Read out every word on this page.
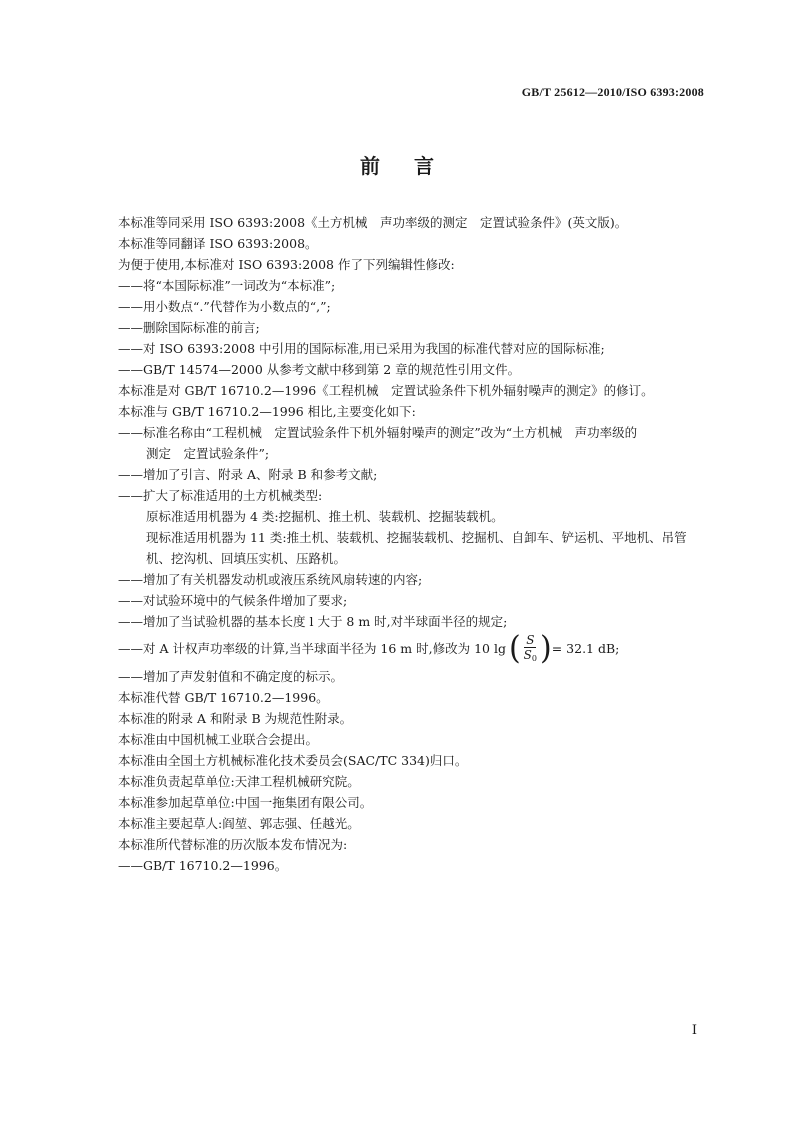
GB/T 25612—2010/ISO 6393:2008
前言
本标准等同采用 ISO 6393:2008《土方机械　声功率级的测定　定置试验条件》(英文版)。
本标准等同翻译 ISO 6393:2008。
为便于使用,本标准对 ISO 6393:2008 作了下列编辑性修改:
——将“本国际标准”一词改为“本标准”;
——用小数点“.”代替作为小数点的“,”;
——删除国际标准的前言;
——对 ISO 6393:2008 中引用的国际标准,用已采用为我国的标准代替对应的国际标准;
——GB/T 14574—2000 从参考文献中移到第 2 章的规范性引用文件。
本标准是对 GB/T 16710.2—1996《工程机械　定置试验条件下机外辐射噪声的测定》的修订。
本标准与 GB/T 16710.2—1996 相比,主要变化如下:
——标准名称由“工程机械　定置试验条件下机外辐射噪声的测定”改为“土方机械　声功率级的
测定　定置试验条件”;
——增加了引言、附录 A、附录 B 和参考文献;
——扩大了标准适用的土方机械类型:
原标准适用机器为 4 类:挖掘机、推土机、装载机、挖掘装载机。
现标准适用机器为 11 类:推土机、装载机、挖掘装载机、挖掘机、自卸车、铲运机、平地机、吊管
机、挖沟机、回填压实机、压路机。
——增加了有关机器发动机或液压系统风扇转速的内容;
——对试验环境中的气候条件增加了要求;
——增加了当试验机器的基本长度 l 大于 8 m 时,对半球面半径的规定;
——对 A 计权声功率级的计算,当半球面半径为 16 m 时,修改为 10 lg ( $\frac{S}{S_0}$ ) = 32.1 dB;
——增加了声发射值和不确定度的标示。
本标准代替 GB/T 16710.2—1996。
本标准的附录 A 和附录 B 为规范性附录。
本标准由中国机械工业联合会提出。
本标准由全国土方机械标准化技术委员会(SAC/TC 334)归口。
本标准负责起草单位:天津工程机械研究院。
本标准参加起草单位:中国一拖集团有限公司。
本标准主要起草人:阎堃、郭志强、任越光。
本标准所代替标准的历次版本发布情况为:
——GB/T 16710.2—1996。
I
